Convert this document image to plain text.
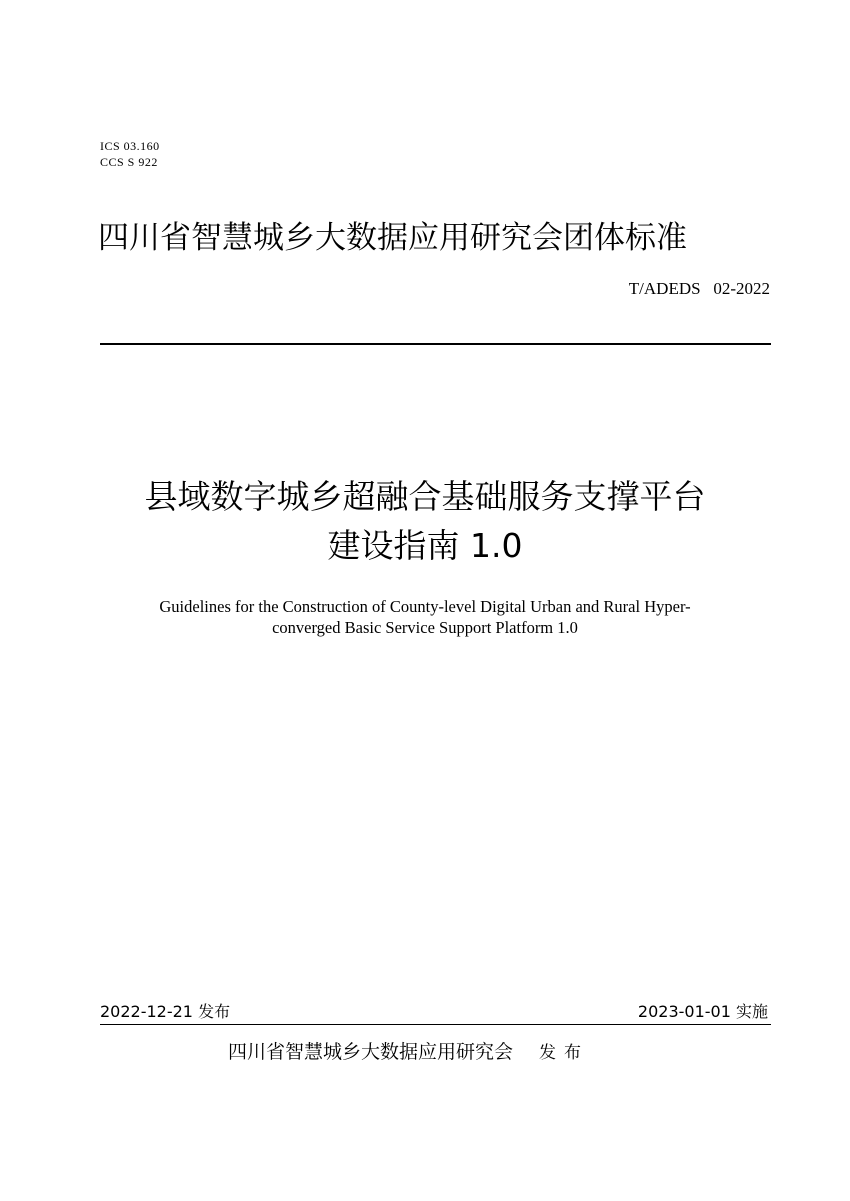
ICS 03.160
CCS S 922
四川省智慧城乡大数据应用研究会团体标准
T/ADEDS   02-2022
县域数字城乡超融合基础服务支撑平台
建设指南 1.0
Guidelines for the Construction of County-level Digital Urban and Rural Hyper-
converged Basic Service Support Platform 1.0
2022-12-21 发布	2023-01-01 实施
四川省智慧城乡大数据应用研究会 发布
